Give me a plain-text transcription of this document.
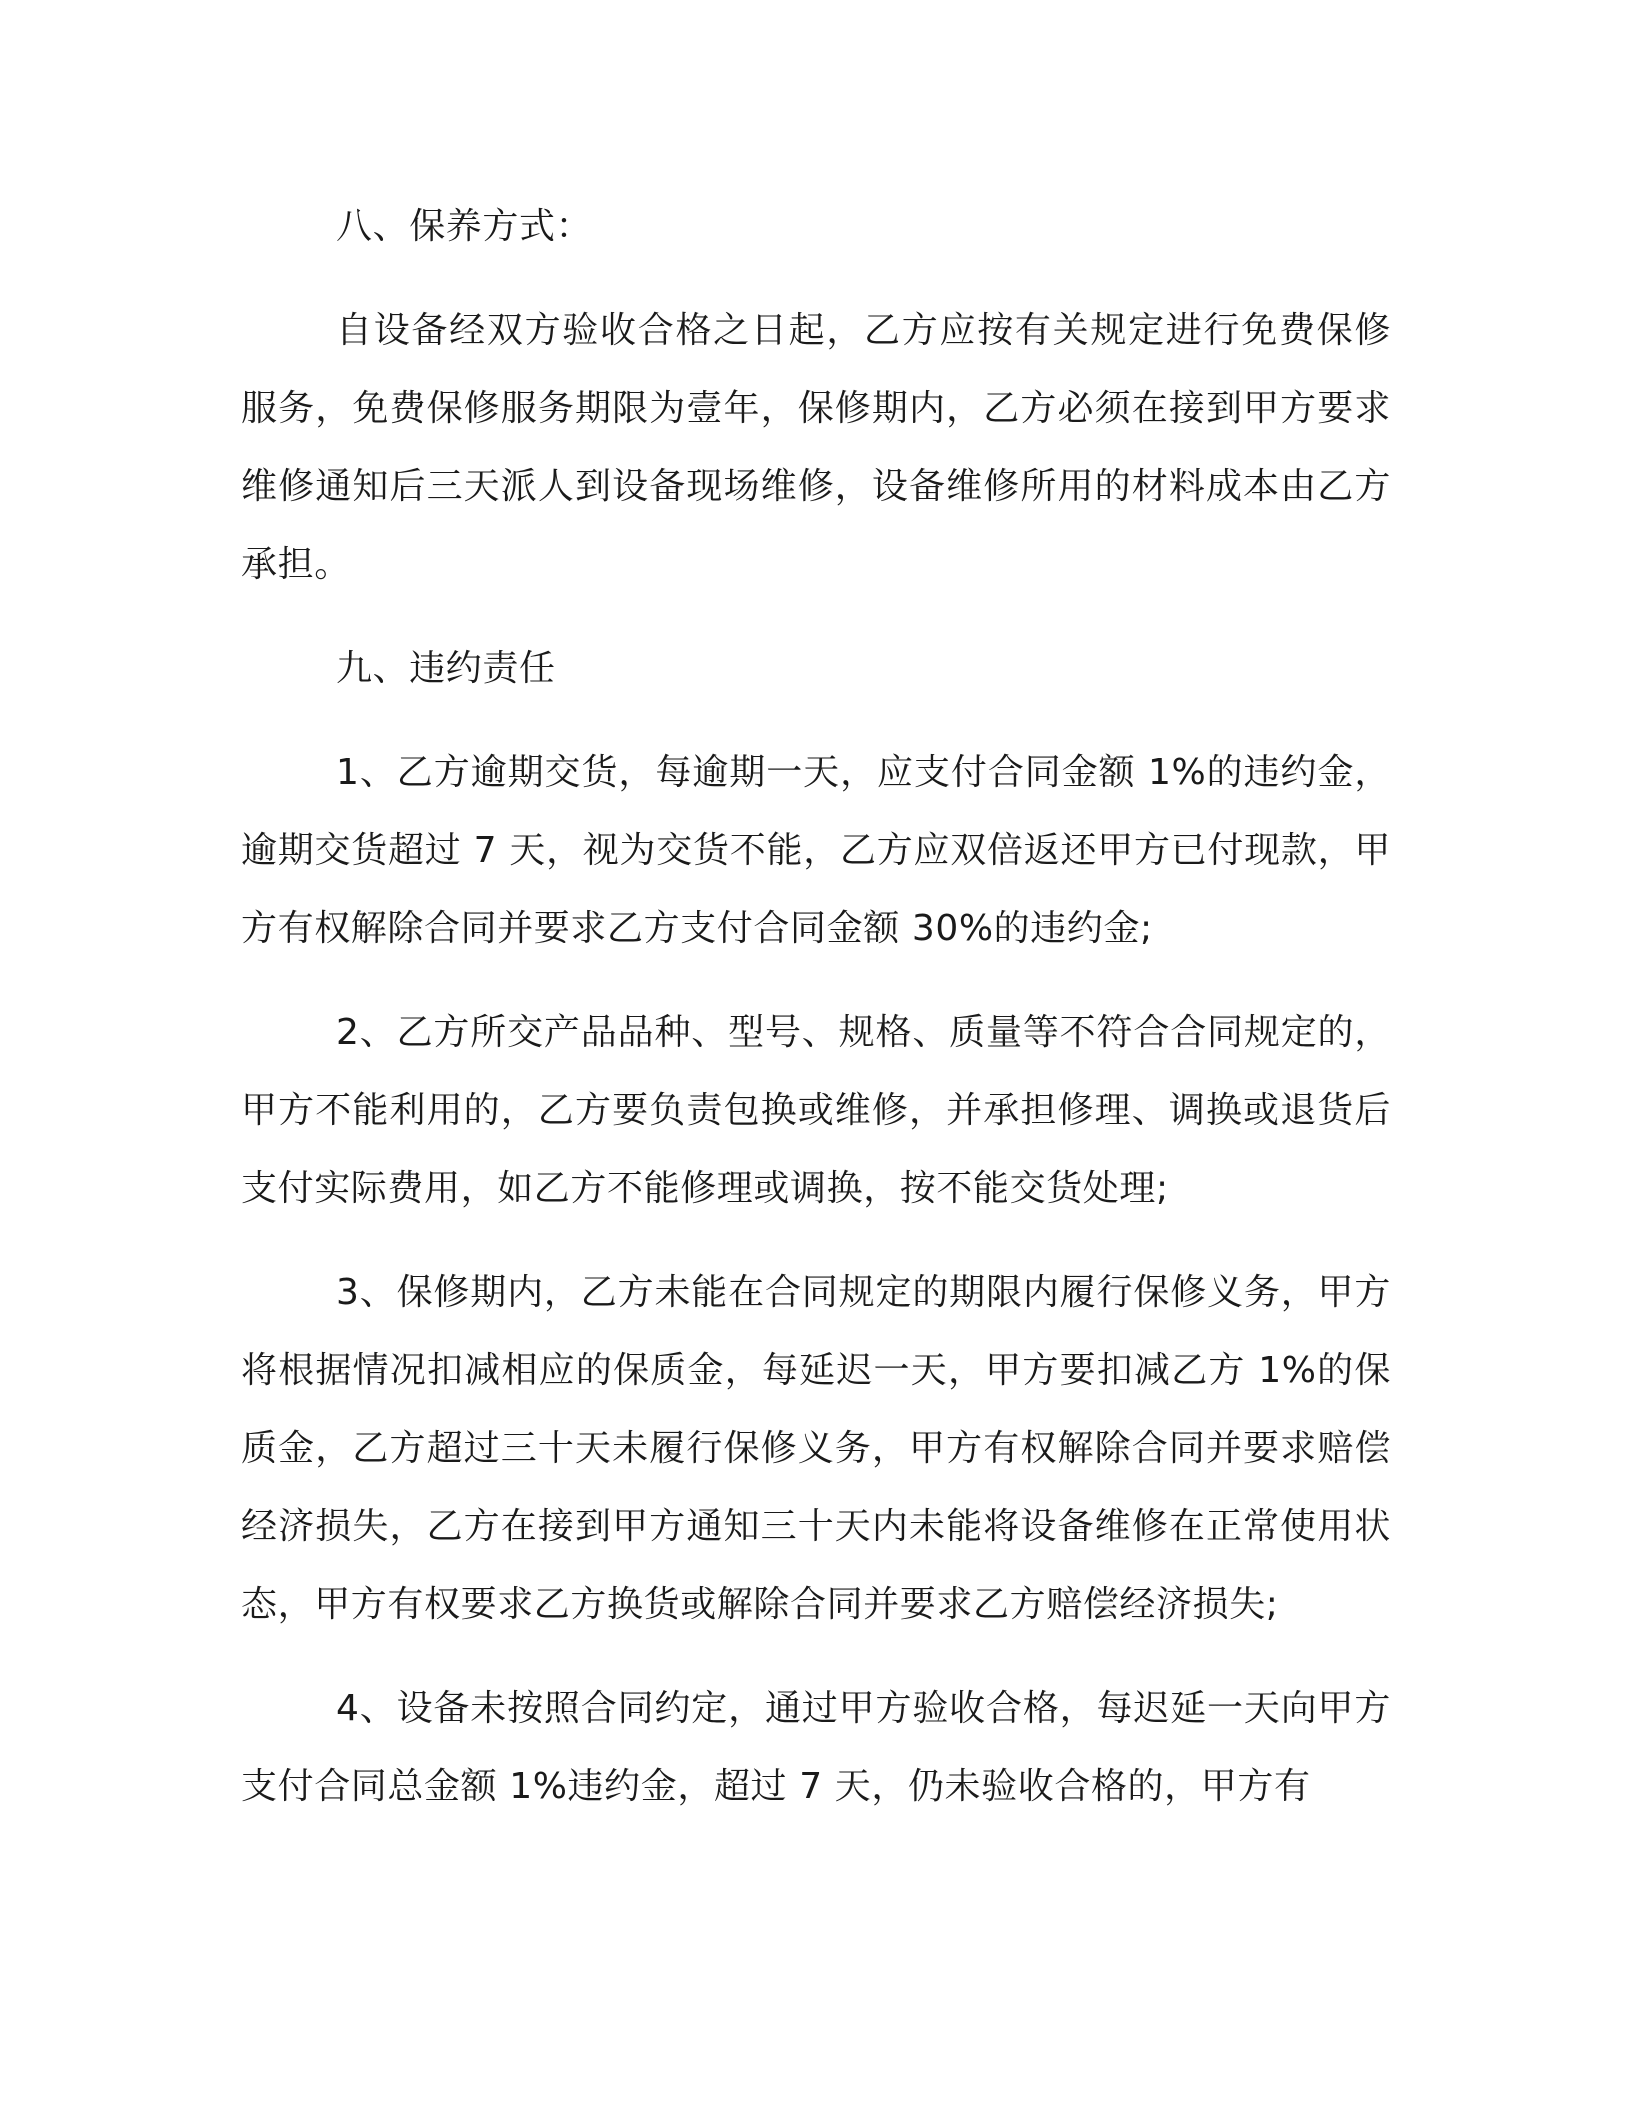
八、保养方式：

自设备经双方验收合格之日起，乙方应按有关规定进行免费保修服务，免费保修服务期限为壹年，保修期内，乙方必须在接到甲方要求维修通知后三天派人到设备现场维修，设备维修所用的材料成本由乙方承担。

九、违约责任

1、乙方逾期交货，每逾期一天，应支付合同金额 1%的违约金，逾期交货超过 7 天，视为交货不能，乙方应双倍返还甲方已付现款，甲方有权解除合同并要求乙方支付合同金额 30%的违约金;

2、乙方所交产品品种、型号、规格、质量等不符合合同规定的，甲方不能利用的，乙方要负责包换或维修，并承担修理、调换或退货后支付实际费用，如乙方不能修理或调换，按不能交货处理;

3、保修期内，乙方未能在合同规定的期限内履行保修义务，甲方将根据情况扣减相应的保质金，每延迟一天，甲方要扣减乙方 1%的保质金，乙方超过三十天未履行保修义务，甲方有权解除合同并要求赔偿经济损失，乙方在接到甲方通知三十天内未能将设备维修在正常使用状态，甲方有权要求乙方换货或解除合同并要求乙方赔偿经济损失;

4、设备未按照合同约定，通过甲方验收合格，每迟延一天向甲方支付合同总金额 1%违约金，超过 7 天，仍未验收合格的，甲方有
